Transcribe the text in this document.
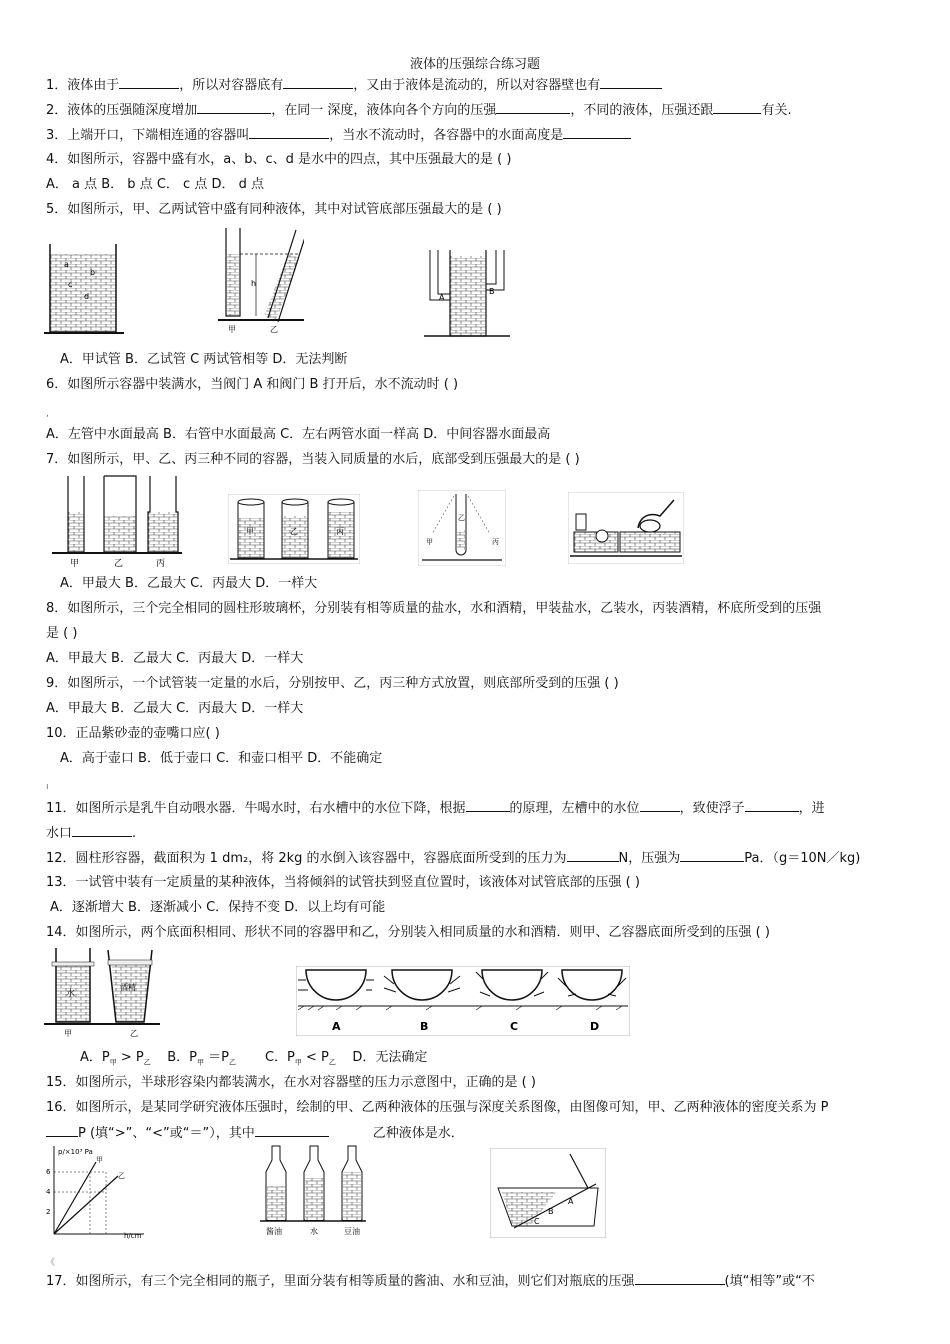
液体的压强综合练习题
1．液体由于	，所以对容器底有	，又由于液体是流动的，所以对容器壁也有
2．液体的压强随深度增加	，在同一 深度，液体向各个方向的压强	，不同的液体，压强还跟	有关.
3．上端开口，下端相连通的容器叫	，当水不流动时，各容器中的水面高度是
4．如图所示，容器中盛有水，a、b、c、d 是水中的四点，其中压强最大的是 ( )
A． a 点 B． b 点 C． c 点 D． d 点
5．如图所示，甲、乙两试管中盛有同种液体，其中对试管底部压强最大的是 ( )
a
b
c
d
h
甲	乙
A
B
A．甲试管 B．乙试管 C 两试管相等 D．无法判断
6．如图所示容器中装满水，当阀门 A 和阀门 B 打开后，水不流动时 ( )
,
A．左管中水面最高 B．右管中水面最高 C．左右两管水面一样高 D．中间容器水面最高
7．如图所示，甲、乙、丙三种不同的容器，当装入同质量的水后，底部受到压强最大的是 ( )
甲	乙	丙
甲	乙	丙
甲
乙
丙
A．甲最大 B．乙最大 C．丙最大 D．一样大
8．如图所示，三个完全相同的圆柱形玻璃杯，分别装有相等质量的盐水，水和酒精，甲装盐水，乙装水，丙装酒精，杯底所受到的压强
是 ( )
A．甲最大 B．乙最大 C．丙最大 D．一样大
9．如图所示，一个试管装一定量的水后，分别按甲、乙，丙三种方式放置，则底部所受到的压强 ( )
A．甲最大 B．乙最大 C．丙最大 D．一样大
10．正品紫砂壶的壶嘴口应( )
A．高于壶口 B．低于壶口 C．和壶口相平 D．不能确定
ı
11．如图所示是乳牛自动喂水器．牛喝水时，右水槽中的水位下降，根据	的原理，左槽中的水位	，致使浮子	，进
水口	.
12．圆柱形容器，截面积为 1 dm₂，将 2kg 的水倒入该容器中，容器底面所受到的压力为	N，压强为	Pa．（g＝10N／kg)
13．一试管中装有一定质量的某种液体，当将倾斜的试管扶到竖直位置时，该液体对试管底部的压强 ( )
A．逐渐增大 B．逐渐减小 C．保持不变 D．以上均有可能
14．如图所示，两个底面积相同、形状不同的容器甲和乙，分别装入相同质量的水和酒精．则甲、乙容器底面所受到的压强 ( )
水
酒精
甲	乙
A	B	C	D
A．$P_甲 > P_乙$ B．$P_甲 =P_乙$ C．$P_甲 < P_乙$ D．无法确定
15．如图所示，半球形容染内都装满水，在水对容器壁的压力示意图中，正确的是 ( )
16．如图所示，是某同学研究液体压强时，绘制的甲、乙两种液体的压强与深度关系图像，由图像可知，甲、乙两种液体的密度关系为 P
P (填“>”、“<”或“＝”），其中	乙种液体是水．
p/×10³ Pa
h/cm
6
4
2
甲
乙
酱油	水	豆油
A
B
C
《
17．如图所示，有三个完全相同的瓶子，里面分装有相等质量的酱油、水和豆油，则它们对瓶底的压强	(填“相等”或“不
